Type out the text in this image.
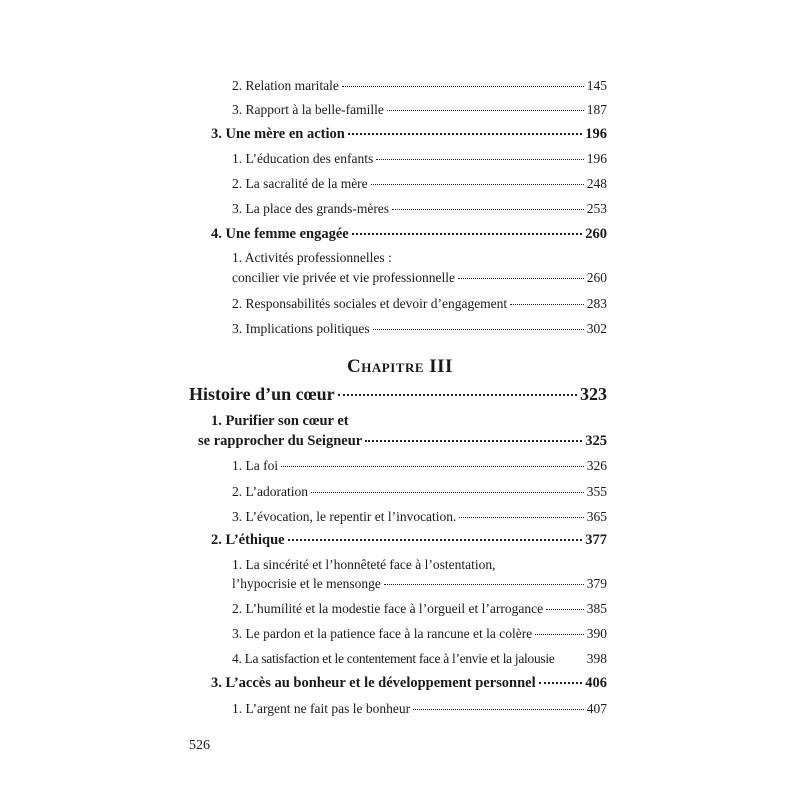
2. Relation maritale	145
3. Rapport à la belle-famille	187
3. Une mère en action	196
1. L’éducation des enfants	196
2. La sacralité de la mère	248
3. La place des grands-mères	253
4. Une femme engagée	260
1. Activités professionnelles :
concilier vie privée et vie professionnelle	260
2. Responsabilités sociales et devoir d’engagement	283
3. Implications politiques	302
Chapitre III
Histoire d’un cœur	323
1. Purifier son cœur et
se rapprocher du Seigneur	325
1. La foi	326
2. L’adoration	355
3. L’évocation, le repentir et l’invocation.	365
2. L’éthique	377
1. La sincérité et l’honnêteté face à l’ostentation,
l’hypocrisie et le mensonge	379
2. L’humilité et la modestie face à l’orgueil et l’arrogance	385
3. Le pardon et la patience face à la rancune et la colère	390
4. La satisfaction et le contentement face à l’envie et la jalousie 398
3. L’accès au bonheur et le développement personnel	406
1. L’argent ne fait pas le bonheur	407
526
